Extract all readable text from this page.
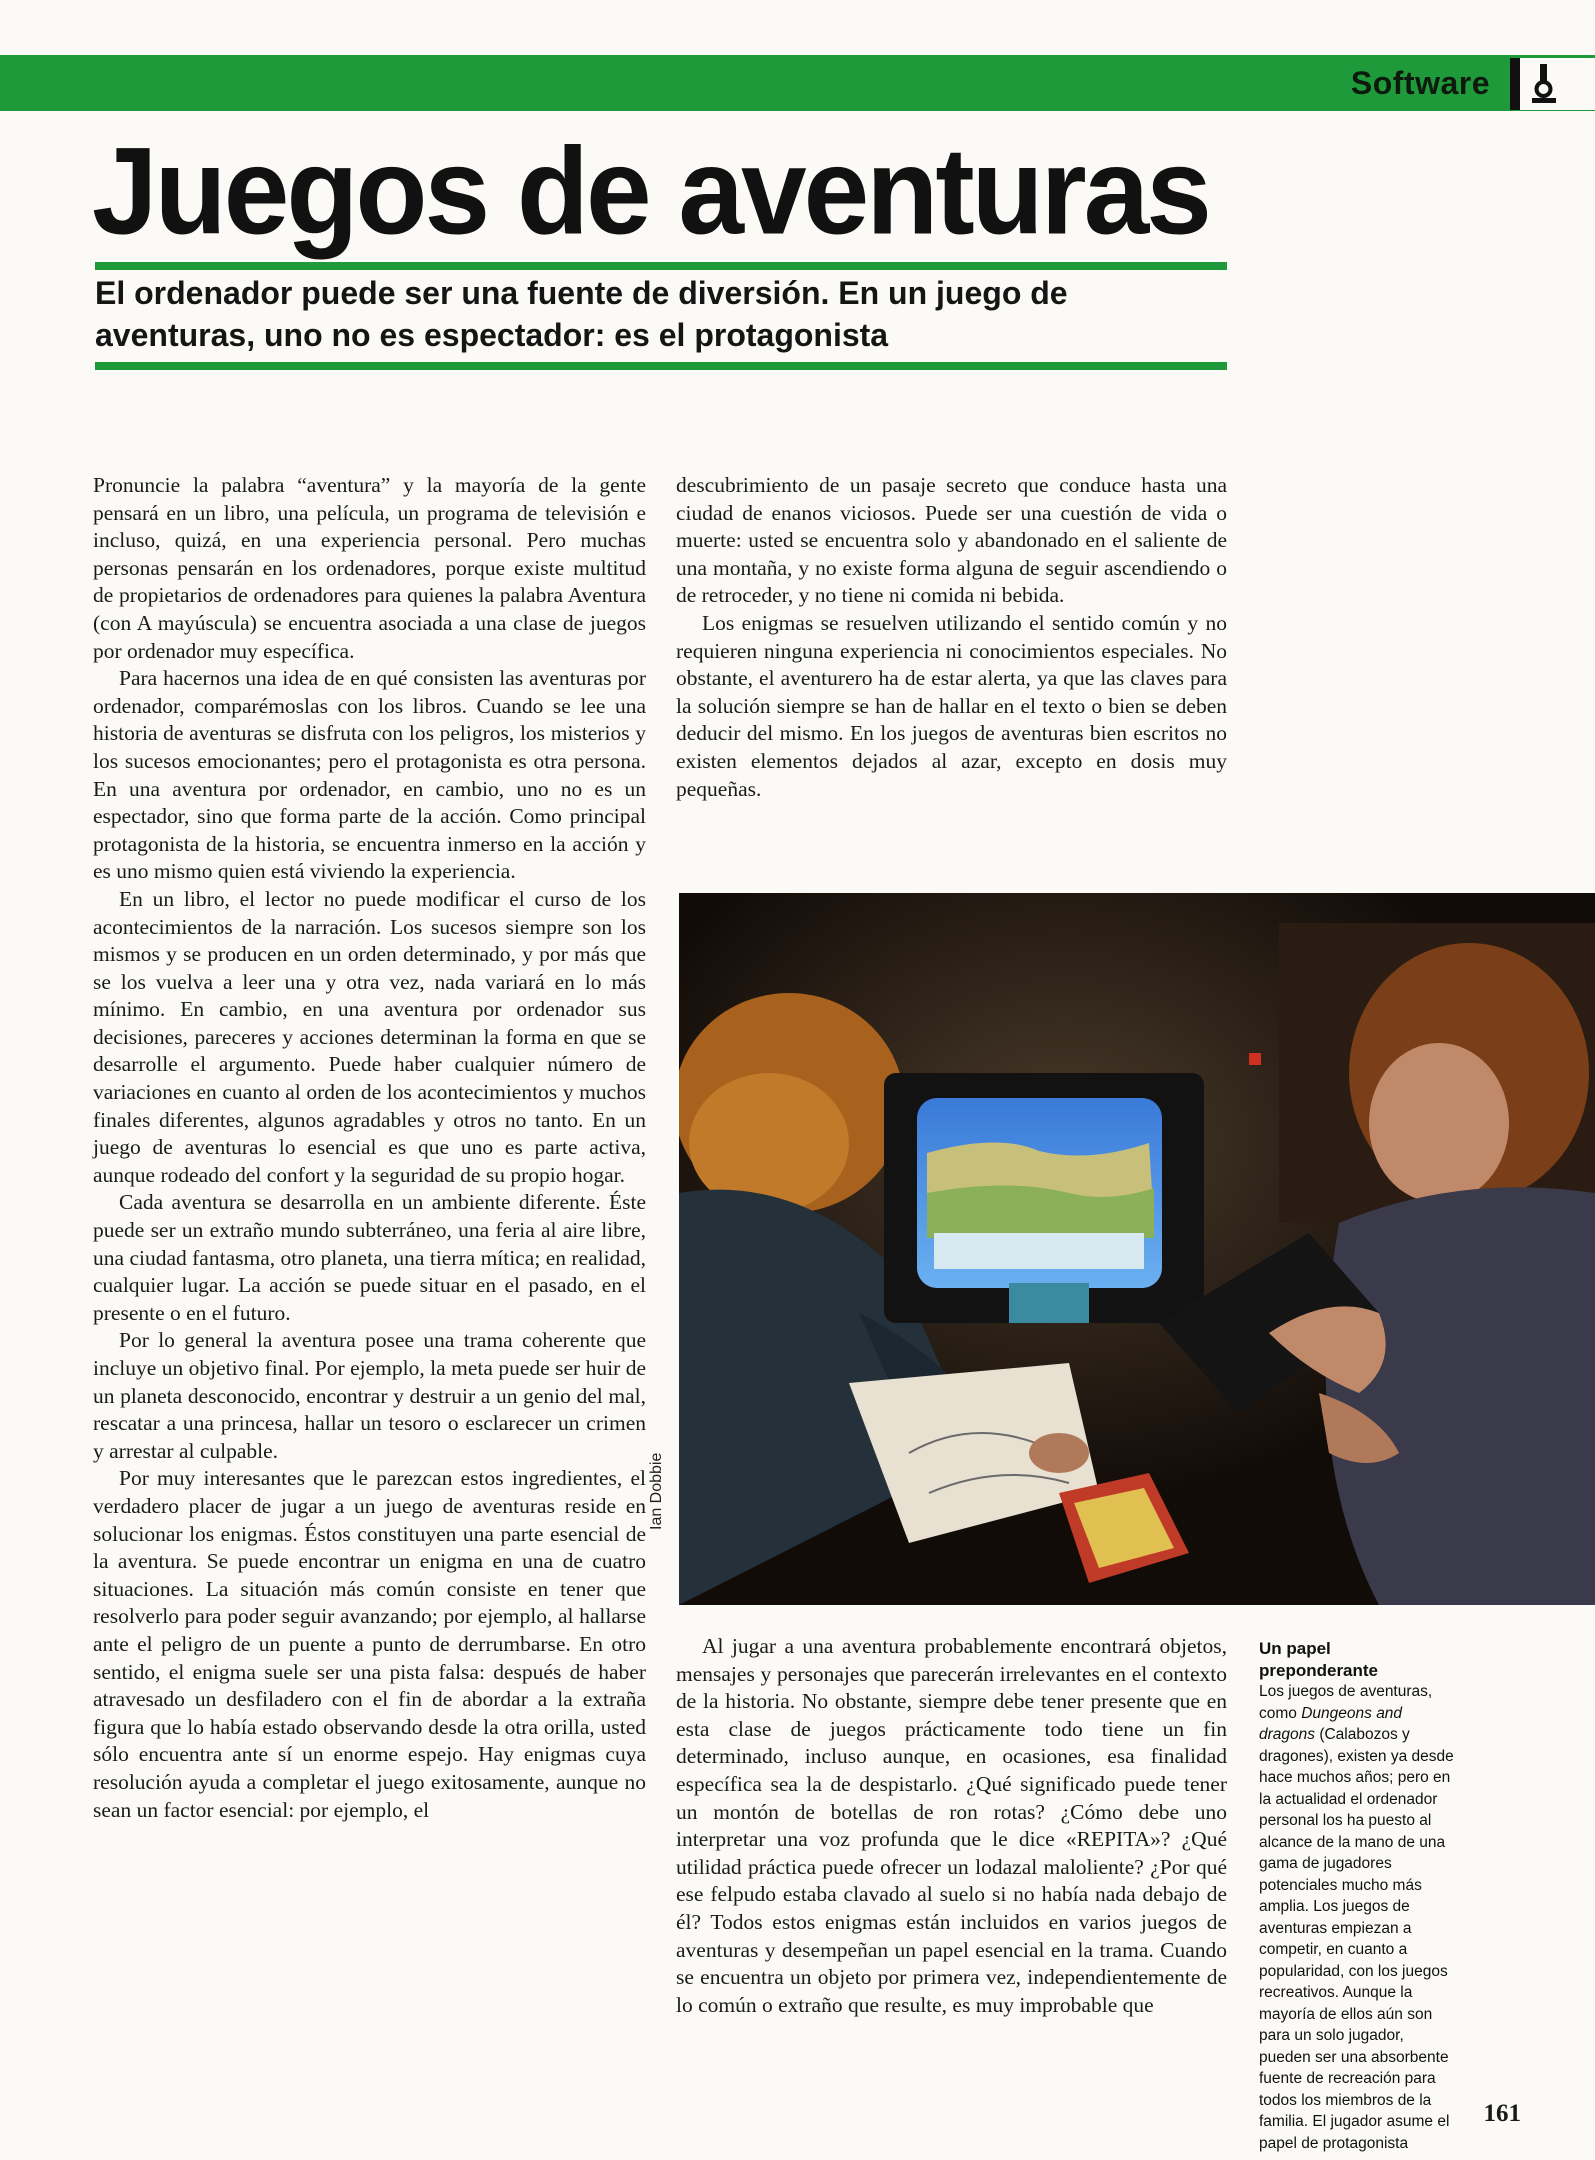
Software
Juegos de aventuras

El ordenador puede ser una fuente de diversión. En un juego de aventuras, uno no es espectador: es el protagonista

Pronuncie la palabra “aventura” y la mayoría de la gente pensará en un libro, una película, un programa de televisión e incluso, quizá, en una experiencia personal. Pero muchas personas pensarán en los ordenadores, porque existe multitud de propietarios de ordenadores para quienes la palabra Aventura (con A mayúscula) se encuentra asociada a una clase de juegos por ordenador muy específica.

Para hacernos una idea de en qué consisten las aventuras por ordenador, comparémoslas con los libros. Cuando se lee una historia de aventuras se disfruta con los peligros, los misterios y los sucesos emocionantes; pero el protagonista es otra persona. En una aventura por ordenador, en cambio, uno no es un espectador, sino que forma parte de la acción. Como principal protagonista de la historia, se encuentra inmerso en la acción y es uno mismo quien está viviendo la experiencia.

En un libro, el lector no puede modificar el curso de los acontecimientos de la narración. Los sucesos siempre son los mismos y se producen en un orden determinado, y por más que se los vuelva a leer una y otra vez, nada variará en lo más mínimo. En cambio, en una aventura por ordenador sus decisiones, pareceres y acciones determinan la forma en que se desarrolle el argumento. Puede haber cualquier número de variaciones en cuanto al orden de los acontecimientos y muchos finales diferentes, algunos agradables y otros no tanto. En un juego de aventuras lo esencial es que uno es parte activa, aunque rodeado del confort y la seguridad de su propio hogar.

Cada aventura se desarrolla en un ambiente diferente. Éste puede ser un extraño mundo subterráneo, una feria al aire libre, una ciudad fantasma, otro planeta, una tierra mítica; en realidad, cualquier lugar. La acción se puede situar en el pasado, en el presente o en el futuro.

Por lo general la aventura posee una trama coherente que incluye un objetivo final. Por ejemplo, la meta puede ser huir de un planeta desconocido, encontrar y destruir a un genio del mal, rescatar a una princesa, hallar un tesoro o esclarecer un crimen y arrestar al culpable.

Por muy interesantes que le parezcan estos ingredientes, el verdadero placer de jugar a un juego de aventuras reside en solucionar los enigmas. Éstos constituyen una parte esencial de la aventura. Se puede encontrar un enigma en una de cuatro situaciones. La situación más común consiste en tener que resolverlo para poder seguir avanzando; por ejemplo, al hallarse ante el peligro de un puente a punto de derrumbarse. En otro sentido, el enigma suele ser una pista falsa: después de haber atravesado un desfiladero con el fin de abordar a la extraña figura que lo había estado observando desde la otra orilla, usted sólo encuentra ante sí un enorme espejo. Hay enigmas cuya resolución ayuda a completar el juego exitosamente, aunque no sean un factor esencial: por ejemplo, el

descubrimiento de un pasaje secreto que conduce hasta una ciudad de enanos viciosos. Puede ser una cuestión de vida o muerte: usted se encuentra solo y abandonado en el saliente de una montaña, y no existe forma alguna de seguir ascendiendo o de retroceder, y no tiene ni comida ni bebida.

Los enigmas se resuelven utilizando el sentido común y no requieren ninguna experiencia ni conocimientos especiales. No obstante, el aventurero ha de estar alerta, ya que las claves para la solución siempre se han de hallar en el texto o bien se deben deducir del mismo. En los juegos de aventuras bien escritos no existen elementos dejados al azar, excepto en dosis muy pequeñas.

Ian Dobbie

Al jugar a una aventura probablemente encontrará objetos, mensajes y personajes que parecerán irrelevantes en el contexto de la historia. No obstante, siempre debe tener presente que en esta clase de juegos prácticamente todo tiene un fin determinado, incluso aunque, en ocasiones, esa finalidad específica sea la de despistarlo. ¿Qué significado puede tener un montón de botellas de ron rotas? ¿Cómo debe uno interpretar una voz profunda que le dice «REPITA»? ¿Qué utilidad práctica puede ofrecer un lodazal maloliente? ¿Por qué ese felpudo estaba clavado al suelo si no había nada debajo de él? Todos estos enigmas están incluidos en varios juegos de aventuras y desempeñan un papel esencial en la trama. Cuando se encuentra un objeto por primera vez, independientemente de lo común o extraño que resulte, es muy improbable que

Un papel preponderante
Los juegos de aventuras, como Dungeons and dragons (Calabozos y dragones), existen ya desde hace muchos años; pero en la actualidad el ordenador personal los ha puesto al alcance de la mano de una gama de jugadores potenciales mucho más amplia. Los juegos de aventuras empiezan a competir, en cuanto a popularidad, con los juegos recreativos. Aunque la mayoría de ellos aún son para un solo jugador, pueden ser una absorbente fuente de recreación para todos los miembros de la familia. El jugador asume el papel de protagonista
161
